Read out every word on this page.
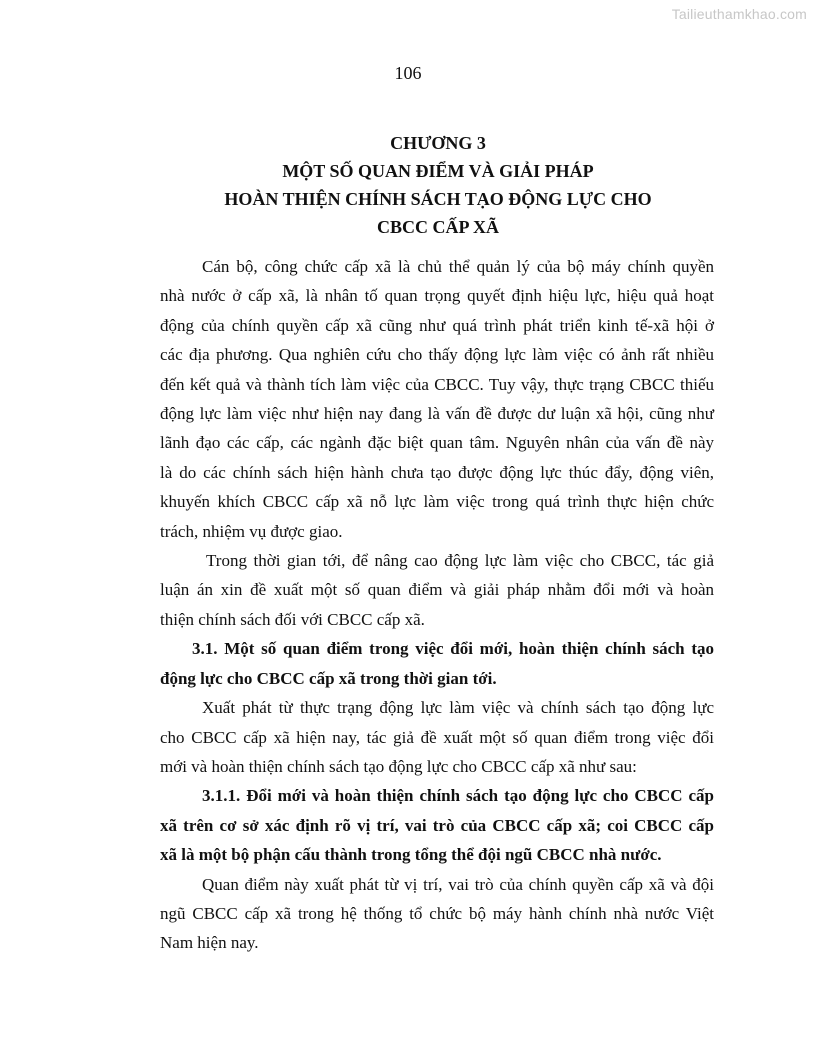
Tailieuthamkhao.com
106
CHƯƠNG 3
MỘT SỐ QUAN ĐIỂM VÀ GIẢI PHÁP
HOÀN THIỆN CHÍNH SÁCH TẠO ĐỘNG LỰC CHO
CBCC CẤP XÃ

Cán bộ, công chức cấp xã là chủ thể quản lý của bộ máy chính quyền
nhà nước ở cấp xã, là nhân tố quan trọng quyết định hiệu lực, hiệu quả hoạt
động của chính quyền cấp xã cũng như quá trình phát triển kinh tế-xã hội ở
các địa phương. Qua nghiên cứu cho thấy động lực làm việc có ảnh rất nhiều
đến kết quả và thành tích làm việc của CBCC. Tuy vậy, thực trạng CBCC thiếu
động lực làm việc như hiện nay đang là vấn đề được dư luận xã hội, cũng như
lãnh đạo các cấp, các ngành đặc biệt quan tâm. Nguyên nhân của vấn đề này
là do các chính sách hiện hành chưa tạo được động lực thúc đẩy, động viên,
khuyến khích CBCC cấp xã nỗ lực làm việc trong quá trình thực hiện chức
trách, nhiệm vụ được giao.

Trong thời gian tới, để nâng cao động lực làm việc cho CBCC, tác giả
luận án xin đề xuất một số quan điểm và giải pháp nhằm đổi mới và hoàn
thiện chính sách đối với CBCC cấp xã.

3.1. Một số quan điểm trong việc đổi mới, hoàn thiện chính sách tạo
động lực cho CBCC cấp xã trong thời gian tới.

Xuất phát từ thực trạng động lực làm việc và chính sách tạo động lực
cho CBCC cấp xã hiện nay, tác giả đề xuất một số quan điểm trong việc đổi
mới và hoàn thiện chính sách tạo động lực cho CBCC cấp xã như sau:

3.1.1. Đổi mới và hoàn thiện chính sách tạo động lực cho CBCC cấp
xã trên cơ sở xác định rõ vị trí, vai trò của CBCC cấp xã; coi CBCC cấp
xã là một bộ phận cấu thành trong tổng thể đội ngũ CBCC nhà nước.

Quan điểm này xuất phát từ vị trí, vai trò của chính quyền cấp xã và đội
ngũ CBCC cấp xã trong hệ thống tổ chức bộ máy hành chính nhà nước Việt
Nam hiện nay.
